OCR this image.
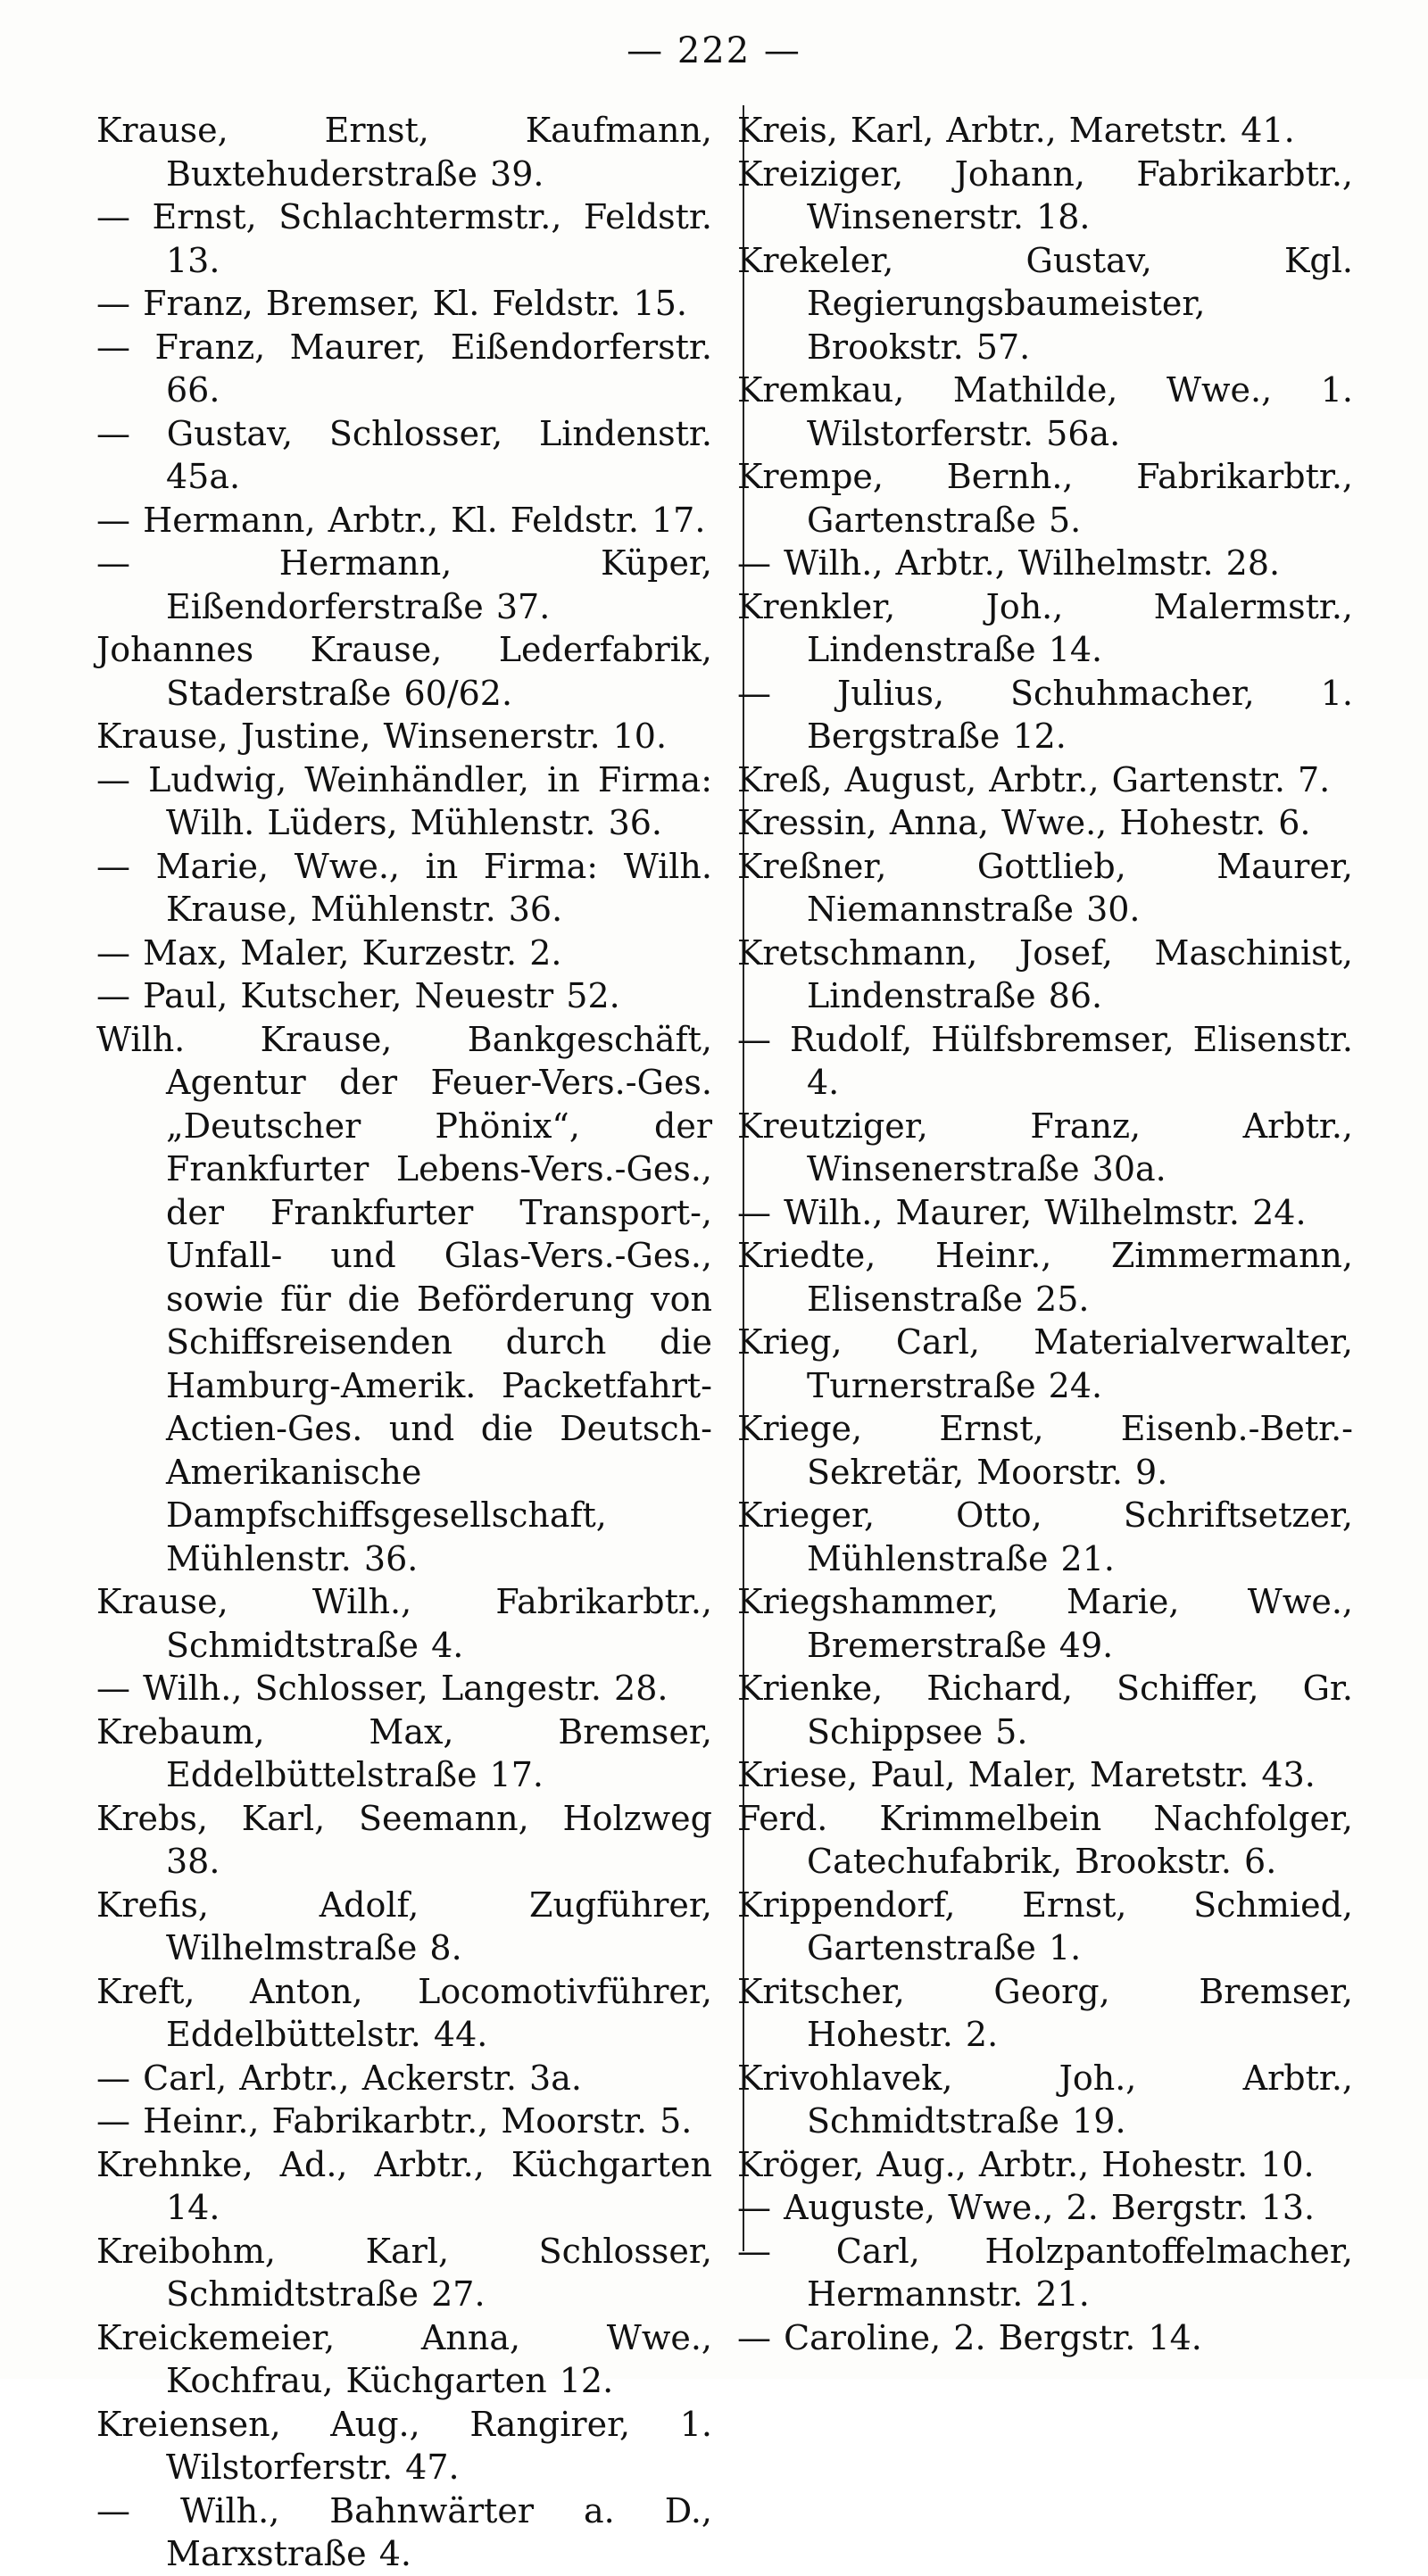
— 222 —
Krause, Ernst, Kaufmann, Buxtehuderstraße 39.
— Ernst, Schlachtermstr., Feldstr. 13.
— Franz, Bremser, Kl. Feldstr. 15.
— Franz, Maurer, Eißendorferstr. 66.
— Gustav, Schlosser, Lindenstr. 45a.
— Hermann, Arbtr., Kl. Feldstr. 17.
— Hermann, Küper, Eißendorferstraße 37.
Johannes Krause, Lederfabrik, Staderstraße 60/62.
Krause, Justine, Winsenerstr. 10.
— Ludwig, Weinhändler, in Firma: Wilh. Lüders, Mühlenstr. 36.
— Marie, Wwe., in Firma: Wilh. Krause, Mühlenstr. 36.
— Max, Maler, Kurzestr. 2.
— Paul, Kutscher, Neuestr 52.
Wilh. Krause, Bankgeschäft, Agentur der Feuer-Vers.-Ges. „Deutscher Phönix“, der Frankfurter Lebens-Vers.-Ges., der Frankfurter Transport-, Unfall- und Glas-Vers.-Ges., sowie für die Beförderung von Schiffsreisenden durch die Hamburg-Amerik. Packetfahrt-Actien-Ges. und die Deutsch-Amerikanische Dampfschiffsgesellschaft, Mühlenstr. 36.
Krause, Wilh., Fabrikarbtr., Schmidtstraße 4.
— Wilh., Schlosser, Langestr. 28.
Krebaum, Max, Bremser, Eddelbüttelstraße 17.
Krebs, Karl, Seemann, Holzweg 38.
Krefis, Adolf, Zugführer, Wilhelmstraße 8.
Kreft, Anton, Locomotivführer, Eddelbüttelstr. 44.
— Carl, Arbtr., Ackerstr. 3a.
— Heinr., Fabrikarbtr., Moorstr. 5.
Krehnke, Ad., Arbtr., Küchgarten 14.
Kreibohm, Karl, Schlosser, Schmidtstraße 27.
Kreickemeier, Anna, Wwe., Kochfrau, Küchgarten 12.
Kreiensen, Aug., Rangirer, 1. Wilstorferstr. 47.
— Wilh., Bahnwärter a. D., Marxstraße 4.
Kreis, Karl, Arbtr., Maretstr. 41.
Kreiziger, Johann, Fabrikarbtr., Winsenerstr. 18.
Krekeler, Gustav, Kgl. Regierungsbaumeister, Brookstr. 57.
Kremkau, Mathilde, Wwe., 1. Wilstorferstr. 56a.
Krempe, Bernh., Fabrikarbtr., Gartenstraße 5.
— Wilh., Arbtr., Wilhelmstr. 28.
Krenkler, Joh., Malermstr., Lindenstraße 14.
— Julius, Schuhmacher, 1. Bergstraße 12.
Kreß, August, Arbtr., Gartenstr. 7.
Kressin, Anna, Wwe., Hohestr. 6.
Kreßner, Gottlieb, Maurer, Niemannstraße 30.
Kretschmann, Josef, Maschinist, Lindenstraße 86.
— Rudolf, Hülfsbremser, Elisenstr. 4.
Kreutziger, Franz, Arbtr., Winsenerstraße 30a.
— Wilh., Maurer, Wilhelmstr. 24.
Kriedte, Heinr., Zimmermann, Elisenstraße 25.
Krieg, Carl, Materialverwalter, Turnerstraße 24.
Kriege, Ernst, Eisenb.-Betr.-Sekretär, Moorstr. 9.
Krieger, Otto, Schriftsetzer, Mühlenstraße 21.
Kriegshammer, Marie, Wwe., Bremerstraße 49.
Krienke, Richard, Schiffer, Gr. Schippsee 5.
Kriese, Paul, Maler, Maretstr. 43.
Ferd. Krimmelbein Nachfolger, Catechufabrik, Brookstr. 6.
Krippendorf, Ernst, Schmied, Gartenstraße 1.
Kritscher, Georg, Bremser, Hohestr. 2.
Krivohlavek, Joh., Arbtr., Schmidtstraße 19.
Kröger, Aug., Arbtr., Hohestr. 10.
— Auguste, Wwe., 2. Bergstr. 13.
— Carl, Holzpantoffelmacher, Hermannstr. 21.
— Caroline, 2. Bergstr. 14.
